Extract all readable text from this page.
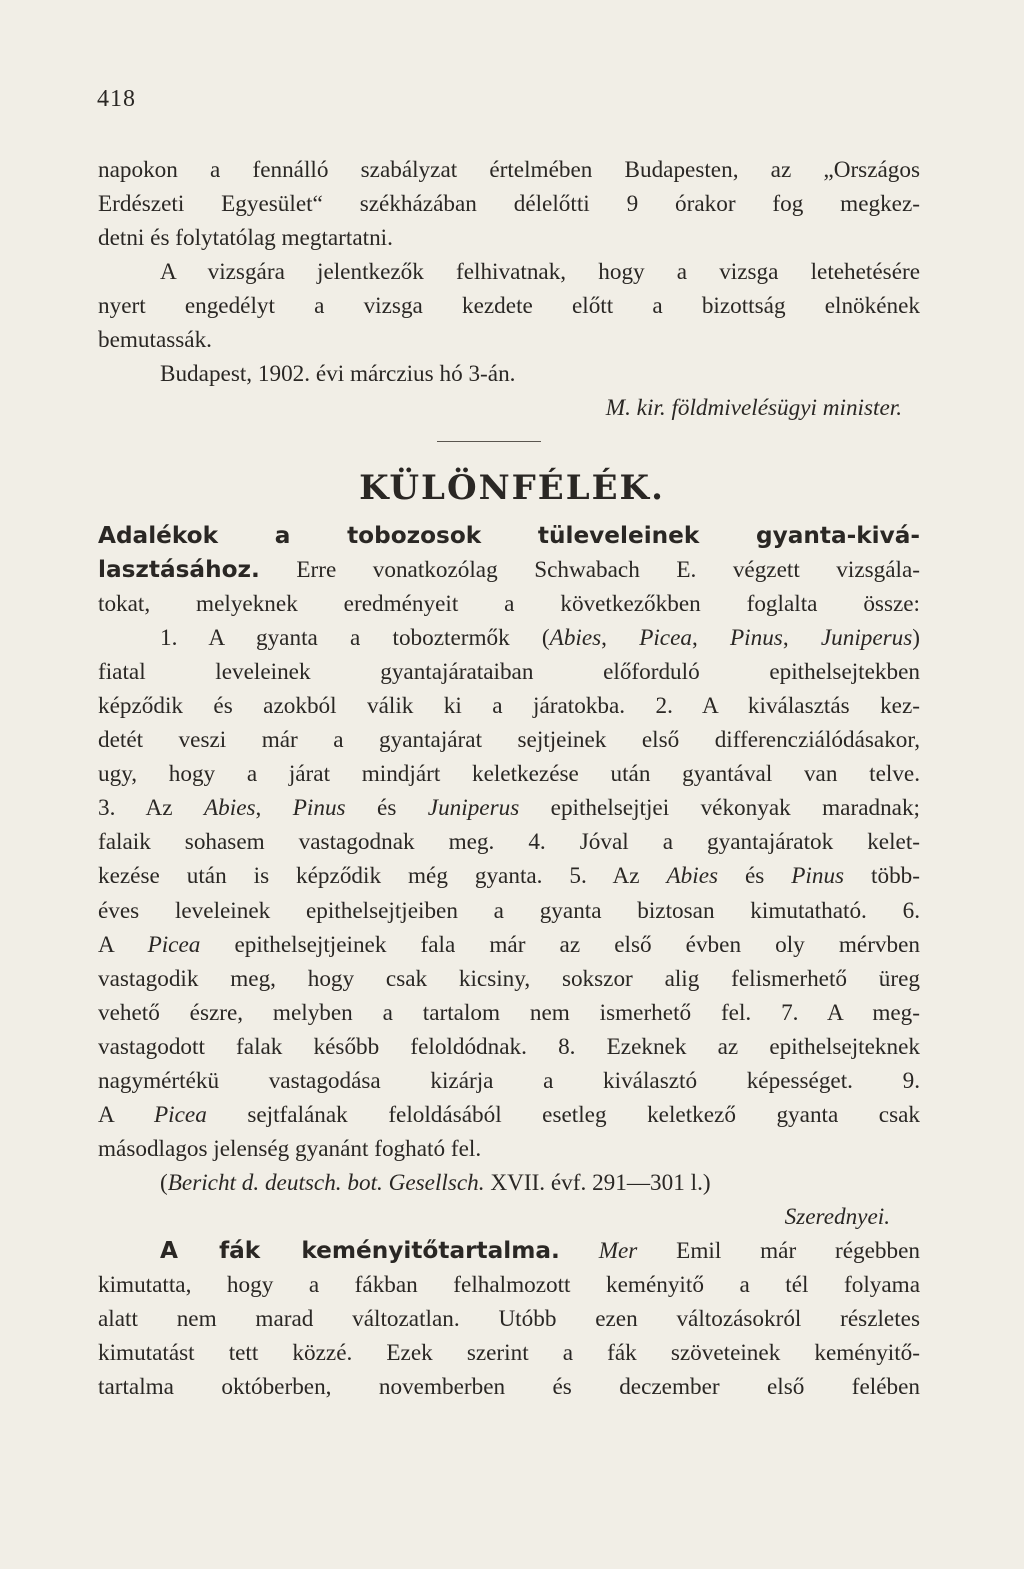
418
napokon a fennálló szabályzat értelmében Budapesten, az „Országos
Erdészeti Egyesület“ székházában délelőtti 9 órakor fog megkez-
detni és folytatólag megtartatni.
A vizsgára jelentkezők felhivatnak, hogy a vizsga letehetésére
nyert engedélyt a vizsga kezdete előtt a bizottság elnökének
bemutassák.
Budapest, 1902. évi márczius hó 3-án.
M. kir. földmivelésügyi minister.
KÜLÖNFÉLÉK.
Adalékok a tobozosok tüleveleinek gyanta-kivá-
lasztásához. Erre vonatkozólag Schwabach E. végzett vizsgála-
tokat, melyeknek eredményeit a következőkben foglalta össze:
1. A gyanta a toboztermők (Abies, Picea, Pinus, Juniperus)
fiatal leveleinek gyantajárataiban előforduló epithelsejtekben
képződik és azokból válik ki a járatokba. 2. A kiválasztás kez-
detét veszi már a gyantajárat sejtjeinek első differencziálódásakor,
ugy, hogy a járat mindjárt keletkezése után gyantával van telve.
3. Az Abies, Pinus és Juniperus epithelsejtjei vékonyak maradnak;
falaik sohasem vastagodnak meg. 4. Jóval a gyantajáratok kelet-
kezése után is képződik még gyanta. 5. Az Abies és Pinus több-
éves leveleinek epithelsejtjeiben a gyanta biztosan kimutatható. 6.
A Picea epithelsejtjeinek fala már az első évben oly mérvben
vastagodik meg, hogy csak kicsiny, sokszor alig felismerhető üreg
vehető észre, melyben a tartalom nem ismerhető fel. 7. A meg-
vastagodott falak később feloldódnak. 8. Ezeknek az epithelsejteknek
nagymértékü vastagodása kizárja a kiválasztó képességet. 9.
A Picea sejtfalának feloldásából esetleg keletkező gyanta csak
másodlagos jelenség gyanánt fogható fel.
(Bericht d. deutsch. bot. Gesellsch. XVII. évf. 291—301 l.)
Szerednyei.
A fák keményitőtartalma. Mer Emil már régebben
kimutatta, hogy a fákban felhalmozott keményitő a tél folyama
alatt nem marad változatlan. Utóbb ezen változásokról részletes
kimutatást tett közzé. Ezek szerint a fák szöveteinek keményitő-
tartalma októberben, novemberben és deczember első felében
